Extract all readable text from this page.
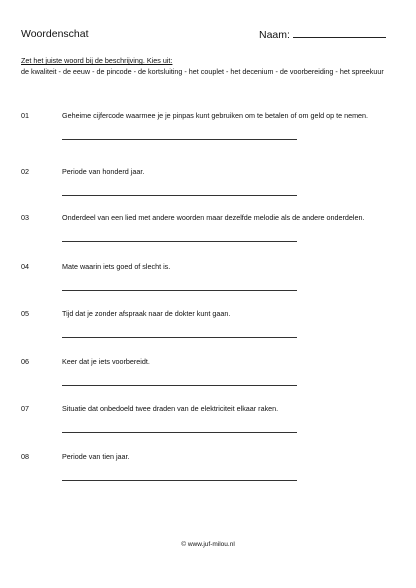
Woordenschat	Naam:
Zet het juiste woord bij de beschrijving. Kies uit:
de kwaliteit - de eeuw - de pincode - de kortsluiting - het couplet - het decenium - de voorbereiding - het spreekuur
01	Geheime cijfercode waarmee je je pinpas kunt gebruiken om te betalen of om geld op te nemen.
02	Periode van honderd jaar.
03	Onderdeel van een lied met andere woorden maar dezelfde melodie als de andere onderdelen.
04	Mate waarin iets goed of slecht is.
05	Tijd dat je zonder afspraak naar de dokter kunt gaan.
06	Keer dat je iets voorbereidt.
07	Situatie dat onbedoeld twee draden van de elektriciteit elkaar raken.
08	Periode van tien jaar.
© www.juf-milou.nl
